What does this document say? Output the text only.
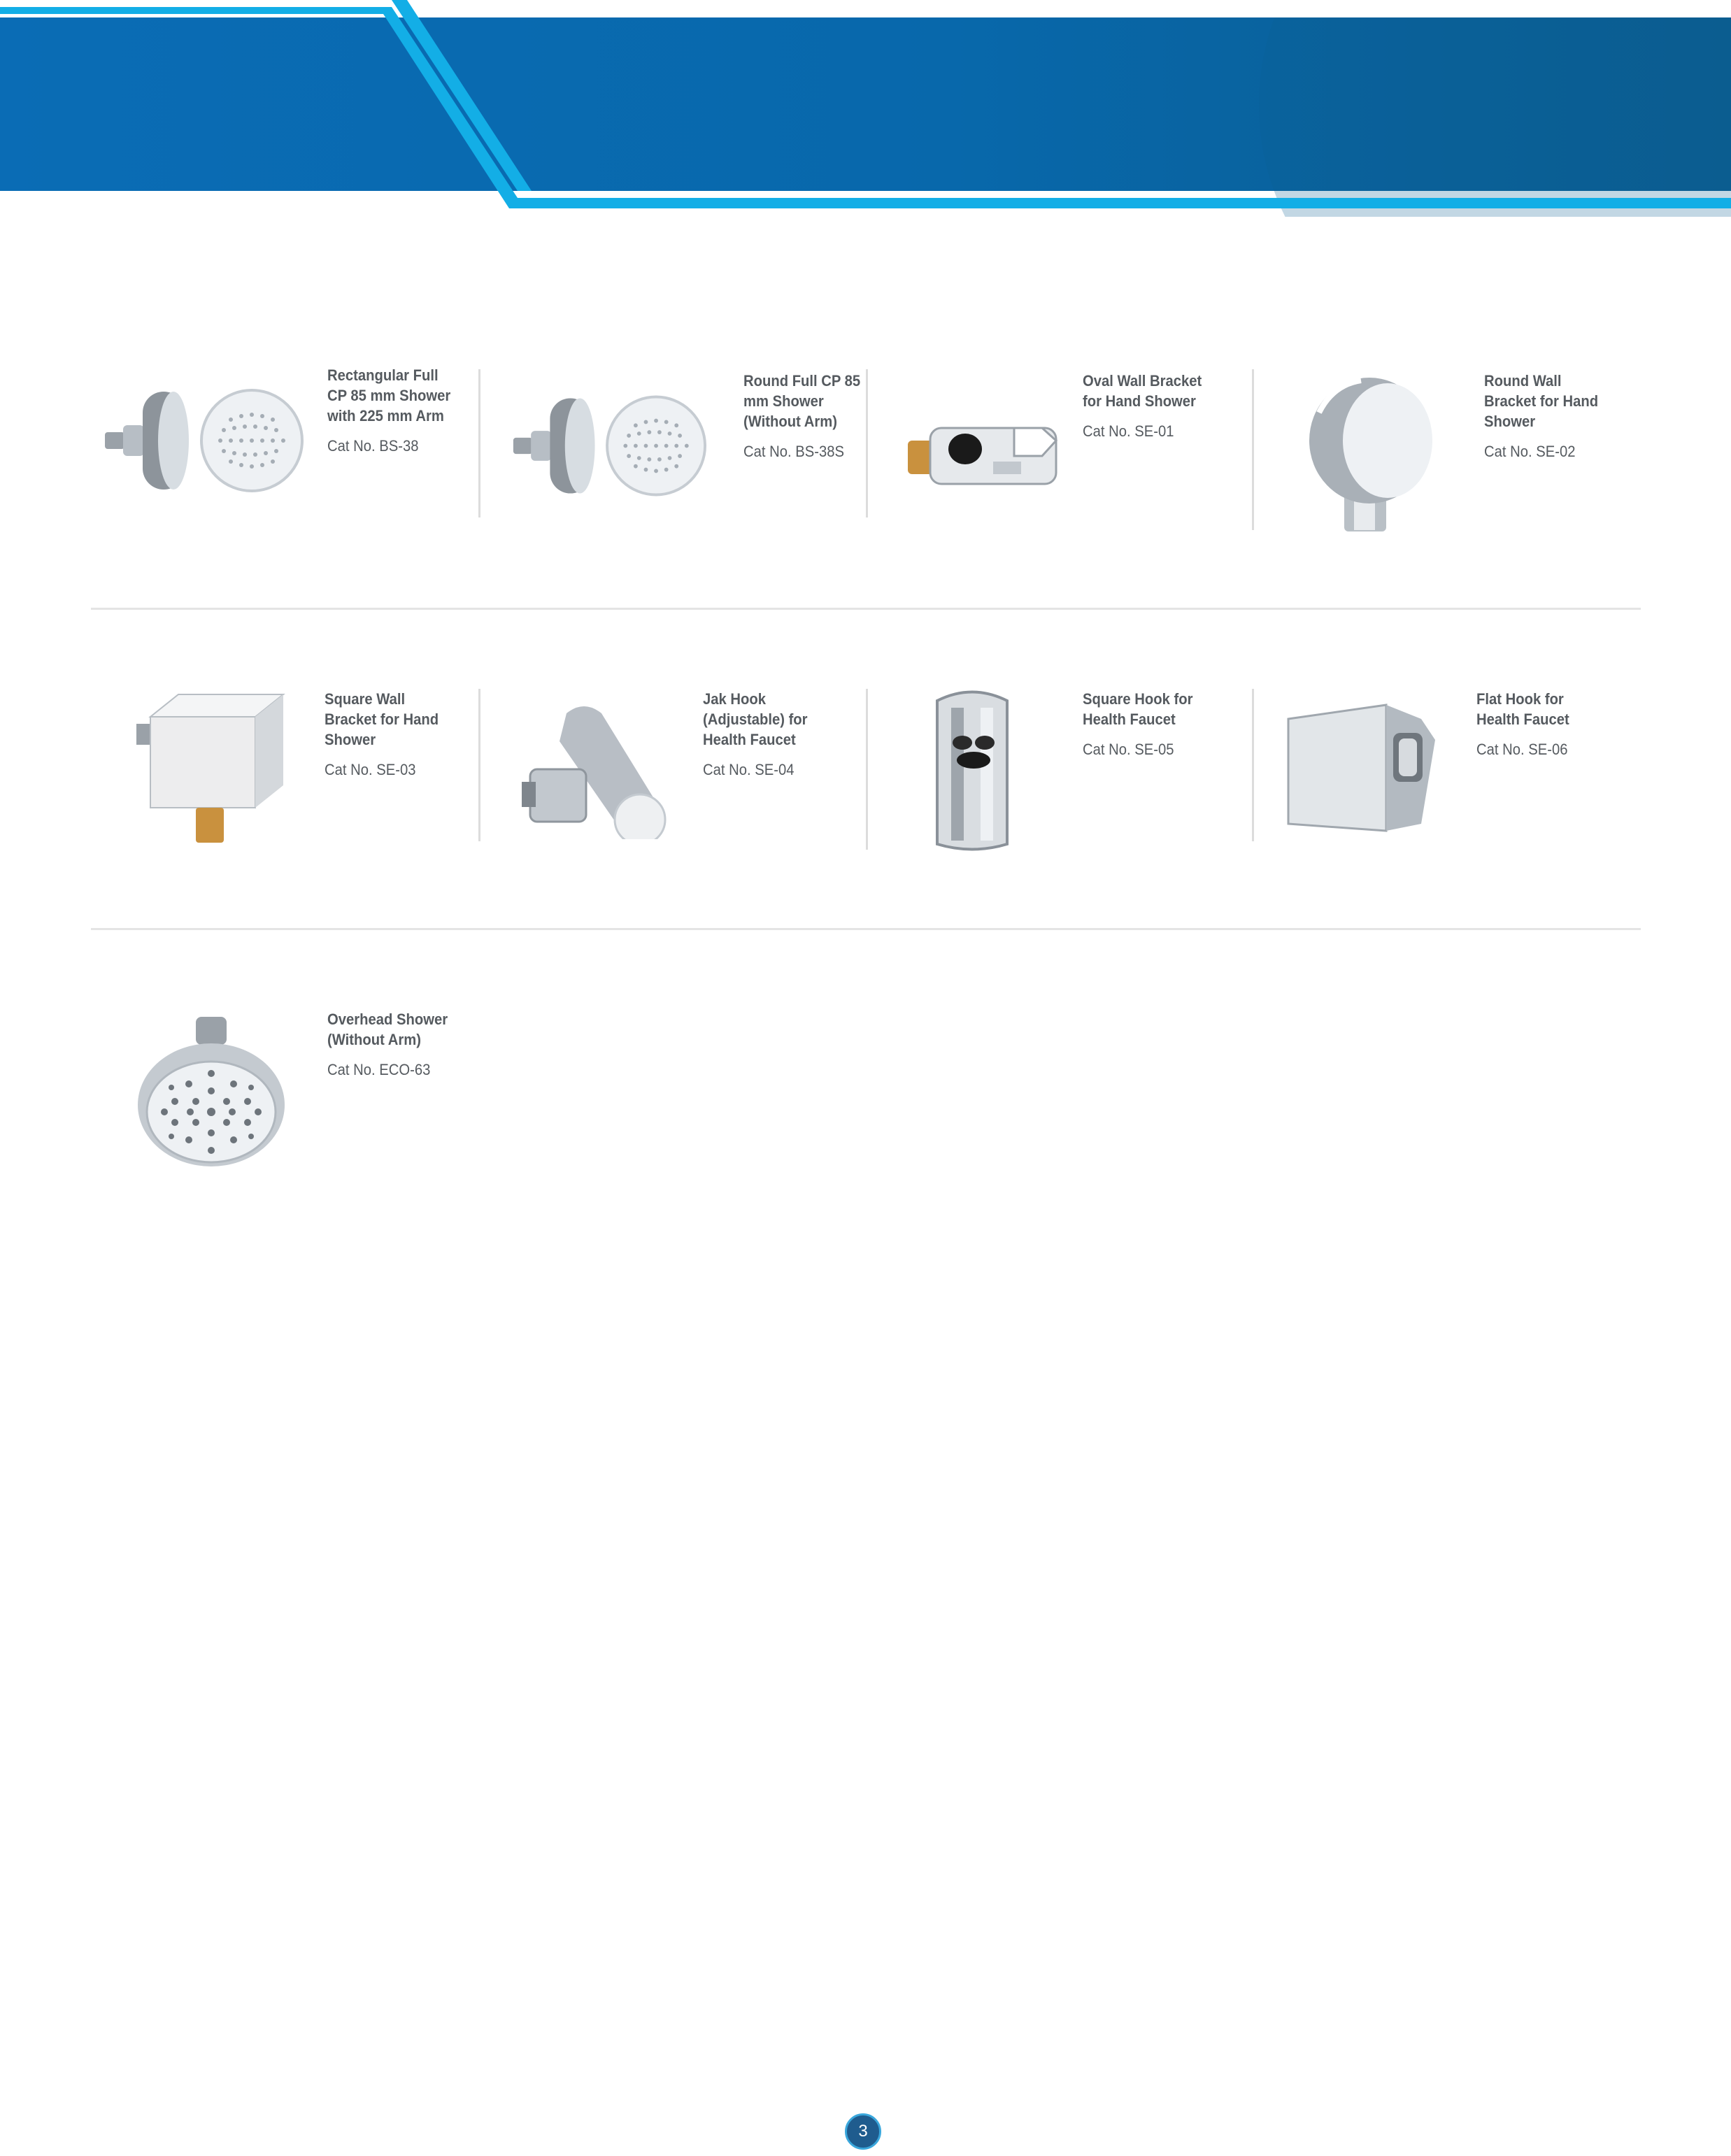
Rectangular Full
CP 85 mm Shower
with 225 mm Arm
Cat No. BS-38
Round Full CP 85
mm Shower
(Without Arm)
Cat No. BS-38S
Oval Wall Bracket
for Hand Shower
Cat No. SE-01
Round Wall
Bracket for Hand
Shower
Cat No. SE-02
Square Wall
Bracket for Hand
Shower
Cat No. SE-03
Jak Hook
(Adjustable) for
Health Faucet
Cat No. SE-04
Square Hook for
Health Faucet
Cat No. SE-05
Flat Hook for
Health Faucet
Cat No. SE-06
Overhead Shower
(Without Arm)
Cat No. ECO-63
3
